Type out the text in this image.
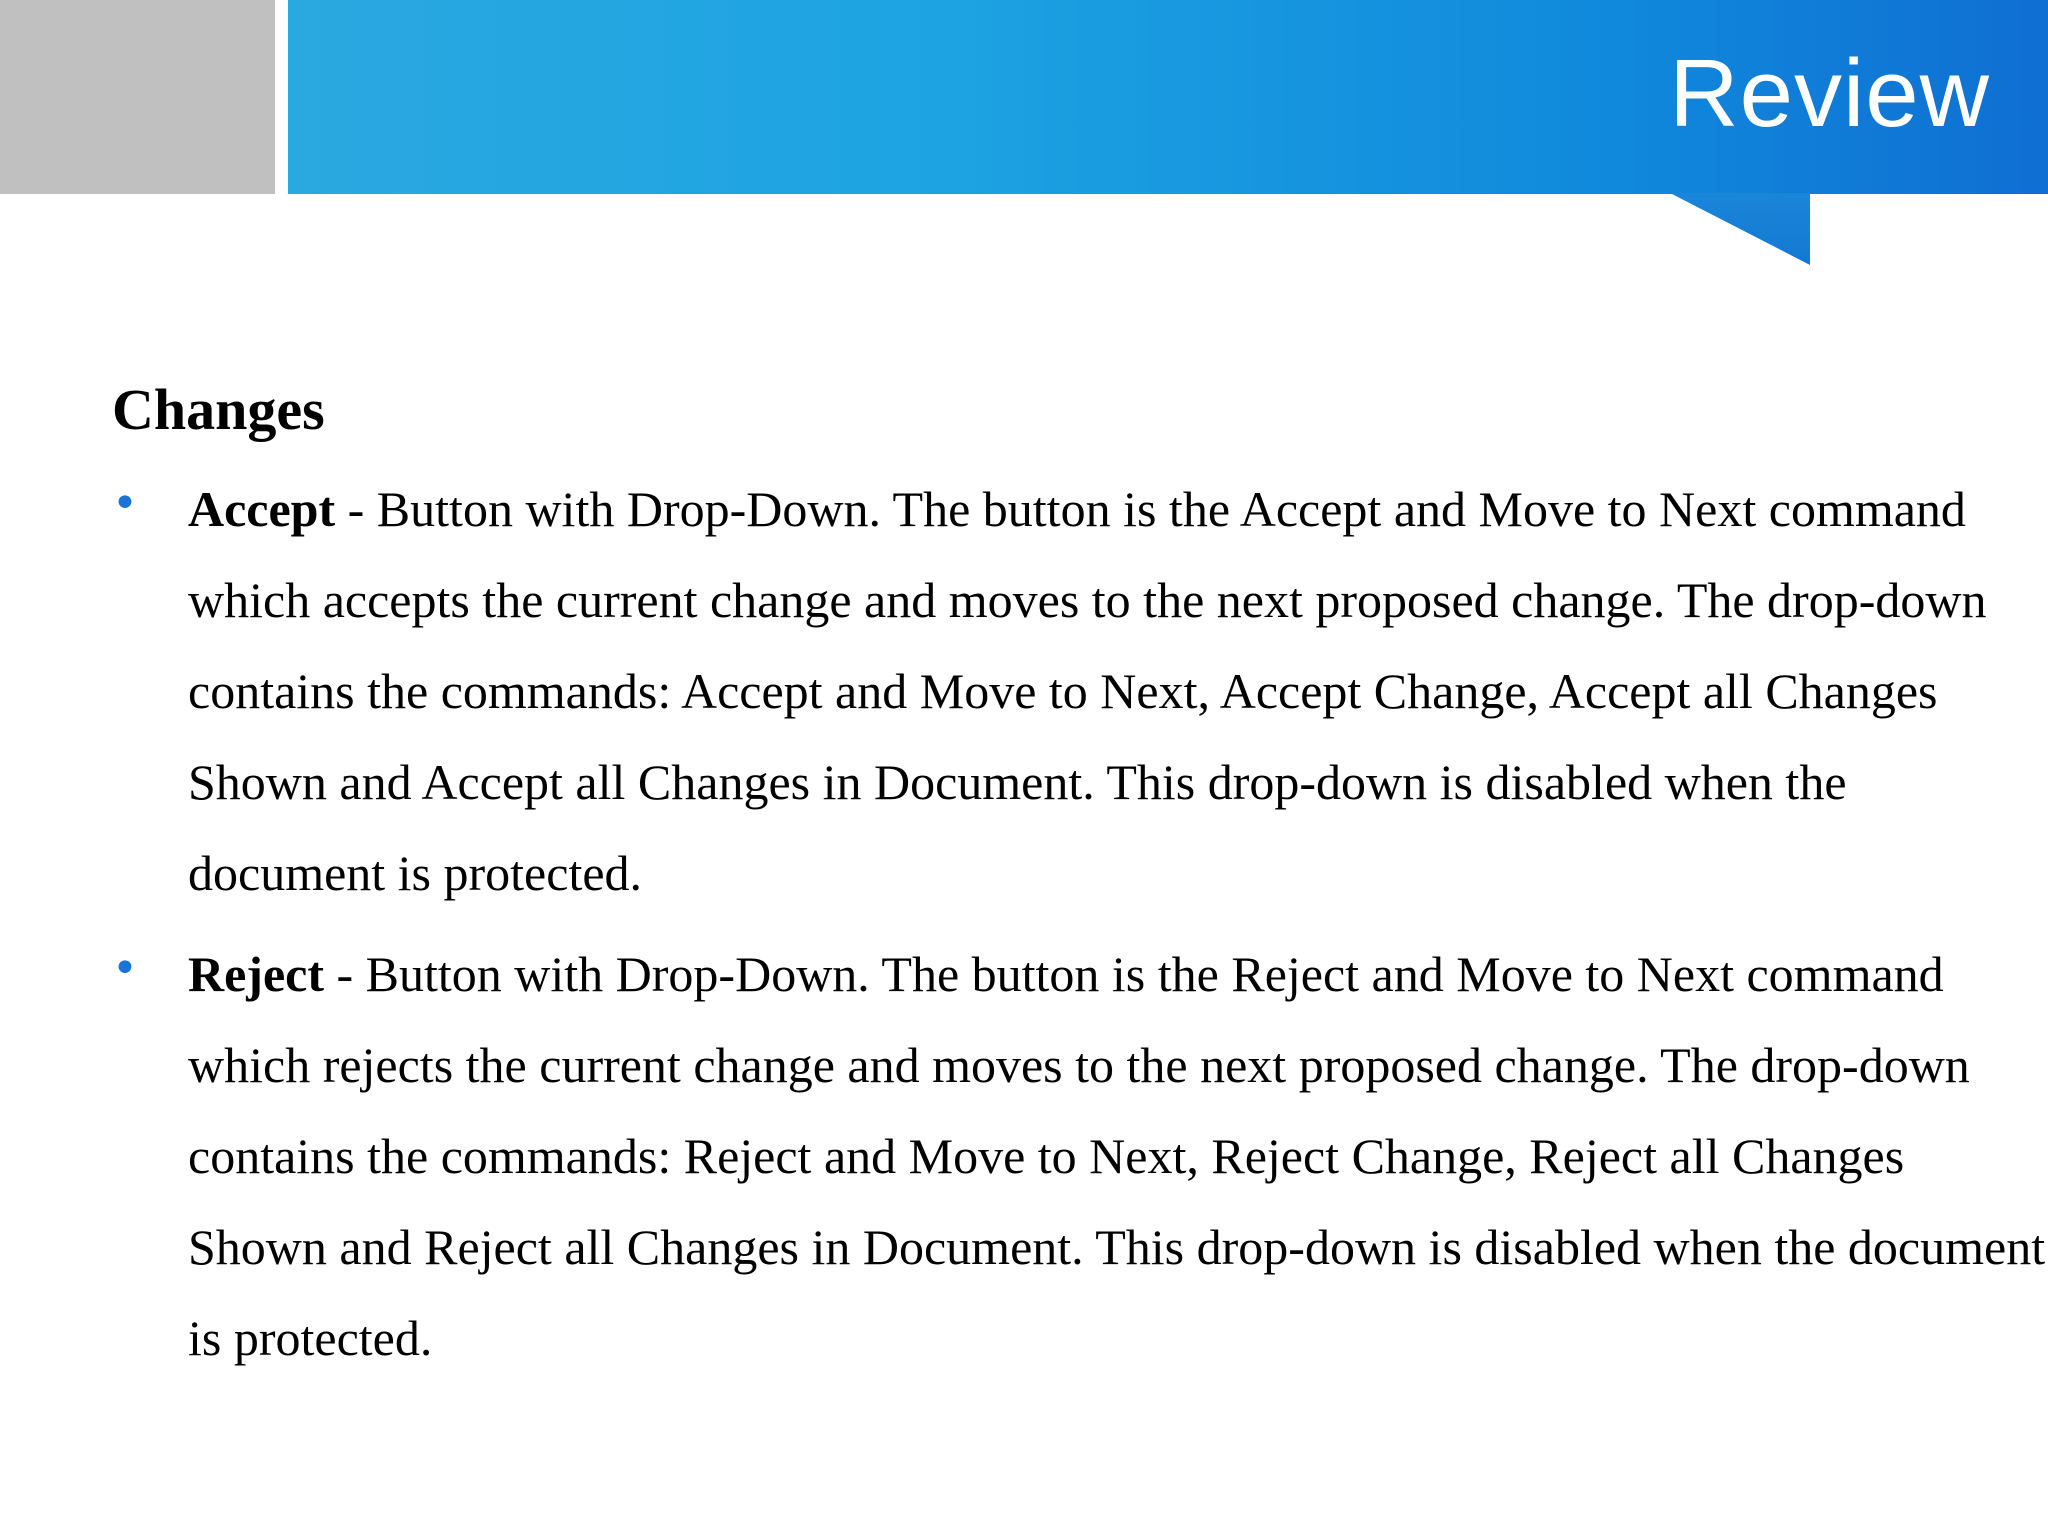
Review
Changes
• Accept - Button with Drop-Down. The button is the Accept and Move to Next command which accepts the current change and moves to the next proposed change. The drop-down contains the commands: Accept and Move to Next, Accept Change, Accept all Changes Shown and Accept all Changes in Document. This drop-down is disabled when the document is protected.
• Reject - Button with Drop-Down. The button is the Reject and Move to Next command which rejects the current change and moves to the next proposed change. The drop-down contains the commands: Reject and Move to Next, Reject Change, Reject all Changes Shown and Reject all Changes in Document. This drop-down is disabled when the document is protected.
